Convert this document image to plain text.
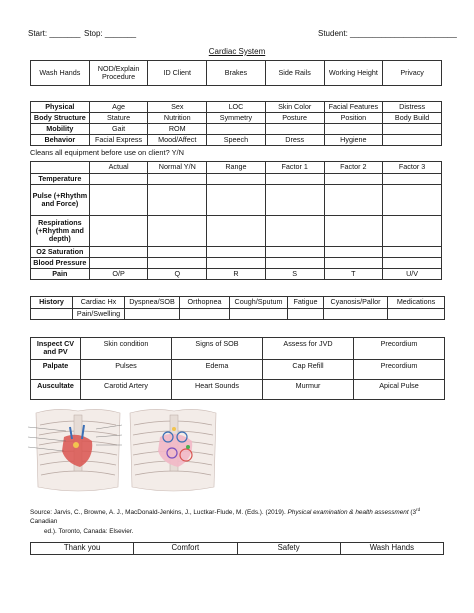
Start: _______ Stop: _______	Student: ________________________
Cardiac System
Wash Hands	NOD/Explain Procedure	ID Client	Brakes	Side Rails	Working Height	Privacy
Physical	Age	Sex	LOC	Skin Color	Facial Features	Distress
Body Structure	Stature	Nutrition	Symmetry	Posture	Position	Body Build
Mobility	Gait	ROM				
Behavior	Facial Express	Mood/Affect	Speech	Dress	Hygiene	
Cleans all equipment before use on client? Y/N
	Actual	Normal Y/N	Range	Factor 1	Factor 2	Factor 3
Temperature						
Pulse (+Rhythm and Force)						
Respirations (+Rhythm and depth)						
O2 Saturation						
Blood Pressure						
Pain	O/P	Q	R	S	T	U/V
History	Cardiac Hx	Dyspnea/SOB	Orthopnea	Cough/Sputum	Fatigue	Cyanosis/Pallor	Medications
	Pain/Swelling						
Inspect CV and PV	Skin condition	Signs of SOB	Assess for JVD	Precordium
Palpate	Pulses	Edema	Cap Refill	Precordium
Auscultate	Carotid Artery	Heart Sounds	Murmur	Apical Pulse
Source: Jarvis, C., Browne, A. J., MacDonald-Jenkins, J., Luctkar-Flude, M. (Eds.). (2019). Physical examination & health assessment (3rd Canadian
ed.). Toronto, Canada: Elsevier.
Thank you	Comfort	Safety	Wash Hands
